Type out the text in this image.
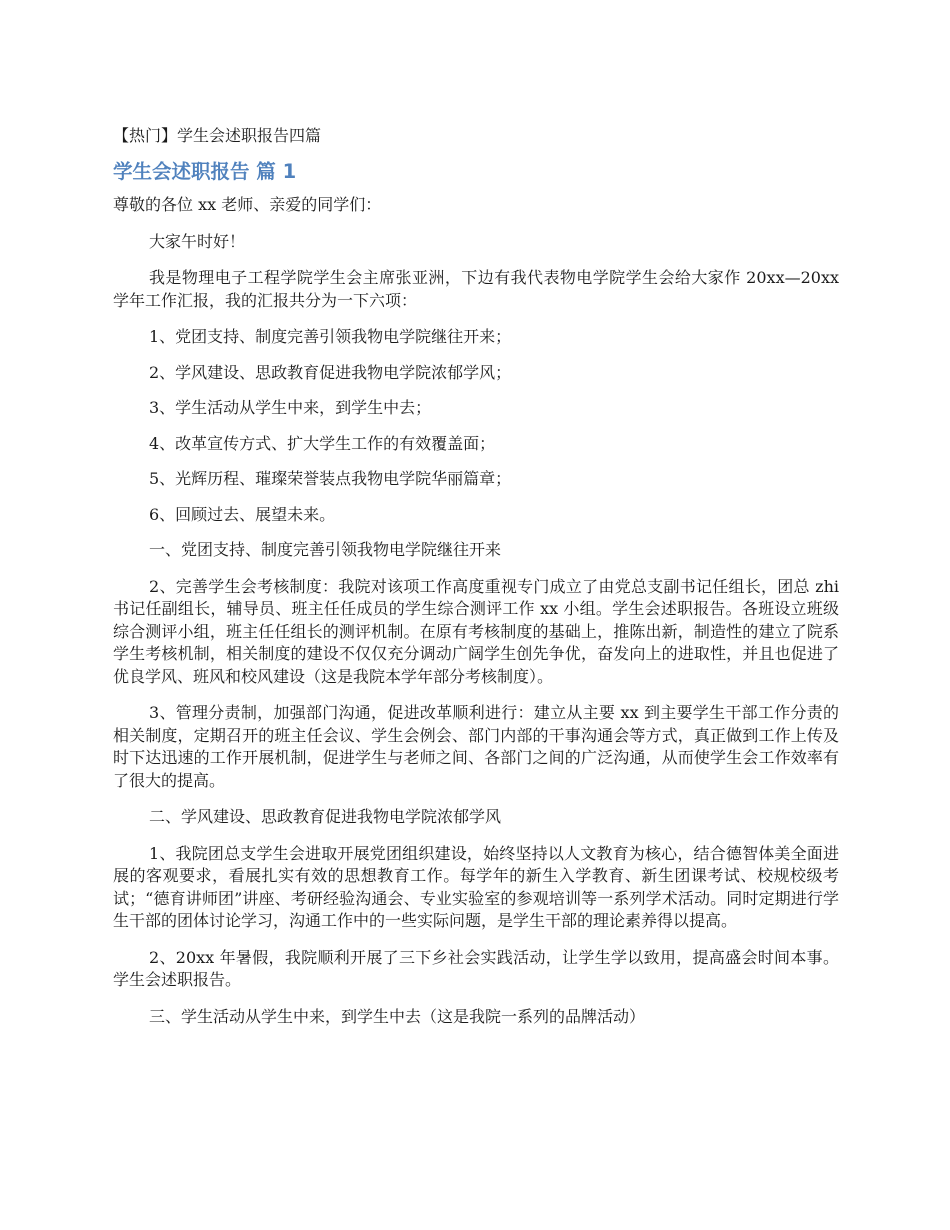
【热门】学生会述职报告四篇
学生会述职报告 篇 1

尊敬的各位 xx 老师、亲爱的同学们：

大家午时好！

我是物理电子工程学院学生会主席张亚洲，下边有我代表物电学院学生会给大家作 20xx—20xx 学年工作汇报，我的汇报共分为一下六项：

1、党团支持、制度完善引领我物电学院继往开来；

2、学风建设、思政教育促进我物电学院浓郁学风；

3、学生活动从学生中来，到学生中去；

4、改革宣传方式、扩大学生工作的有效覆盖面；

5、光辉历程、璀璨荣誉装点我物电学院华丽篇章；

6、回顾过去、展望未来。

一、党团支持、制度完善引领我物电学院继往开来

2、完善学生会考核制度：我院对该项工作高度重视专门成立了由党总支副书记任组长，团总 zhi 书记任副组长，辅导员、班主任任成员的学生综合测评工作 xx 小组。学生会述职报告。各班设立班级综合测评小组，班主任任组长的测评机制。在原有考核制度的基础上，推陈出新，制造性的建立了院系学生考核机制，相关制度的建设不仅仅充分调动广阔学生创先争优，奋发向上的进取性，并且也促进了优良学风、班风和校风建设（这是我院本学年部分考核制度）。

3、管理分责制，加强部门沟通，促进改革顺利进行：建立从主要 xx 到主要学生干部工作分责的相关制度，定期召开的班主任会议、学生会例会、部门内部的干事沟通会等方式，真正做到工作上传及时下达迅速的工作开展机制，促进学生与老师之间、各部门之间的广泛沟通，从而使学生会工作效率有了很大的提高。

二、学风建设、思政教育促进我物电学院浓郁学风

1、我院团总支学生会进取开展党团组织建设，始终坚持以人文教育为核心，结合德智体美全面进展的客观要求，看展扎实有效的思想教育工作。每学年的新生入学教育、新生团课考试、校规校级考试；“德育讲师团”讲座、考研经验沟通会、专业实验室的参观培训等一系列学术活动。同时定期进行学生干部的团体讨论学习，沟通工作中的一些实际问题，是学生干部的理论素养得以提高。

2、20xx 年暑假，我院顺利开展了三下乡社会实践活动，让学生学以致用，提高盛会时间本事。学生会述职报告。

三、学生活动从学生中来，到学生中去（这是我院一系列的品牌活动）
